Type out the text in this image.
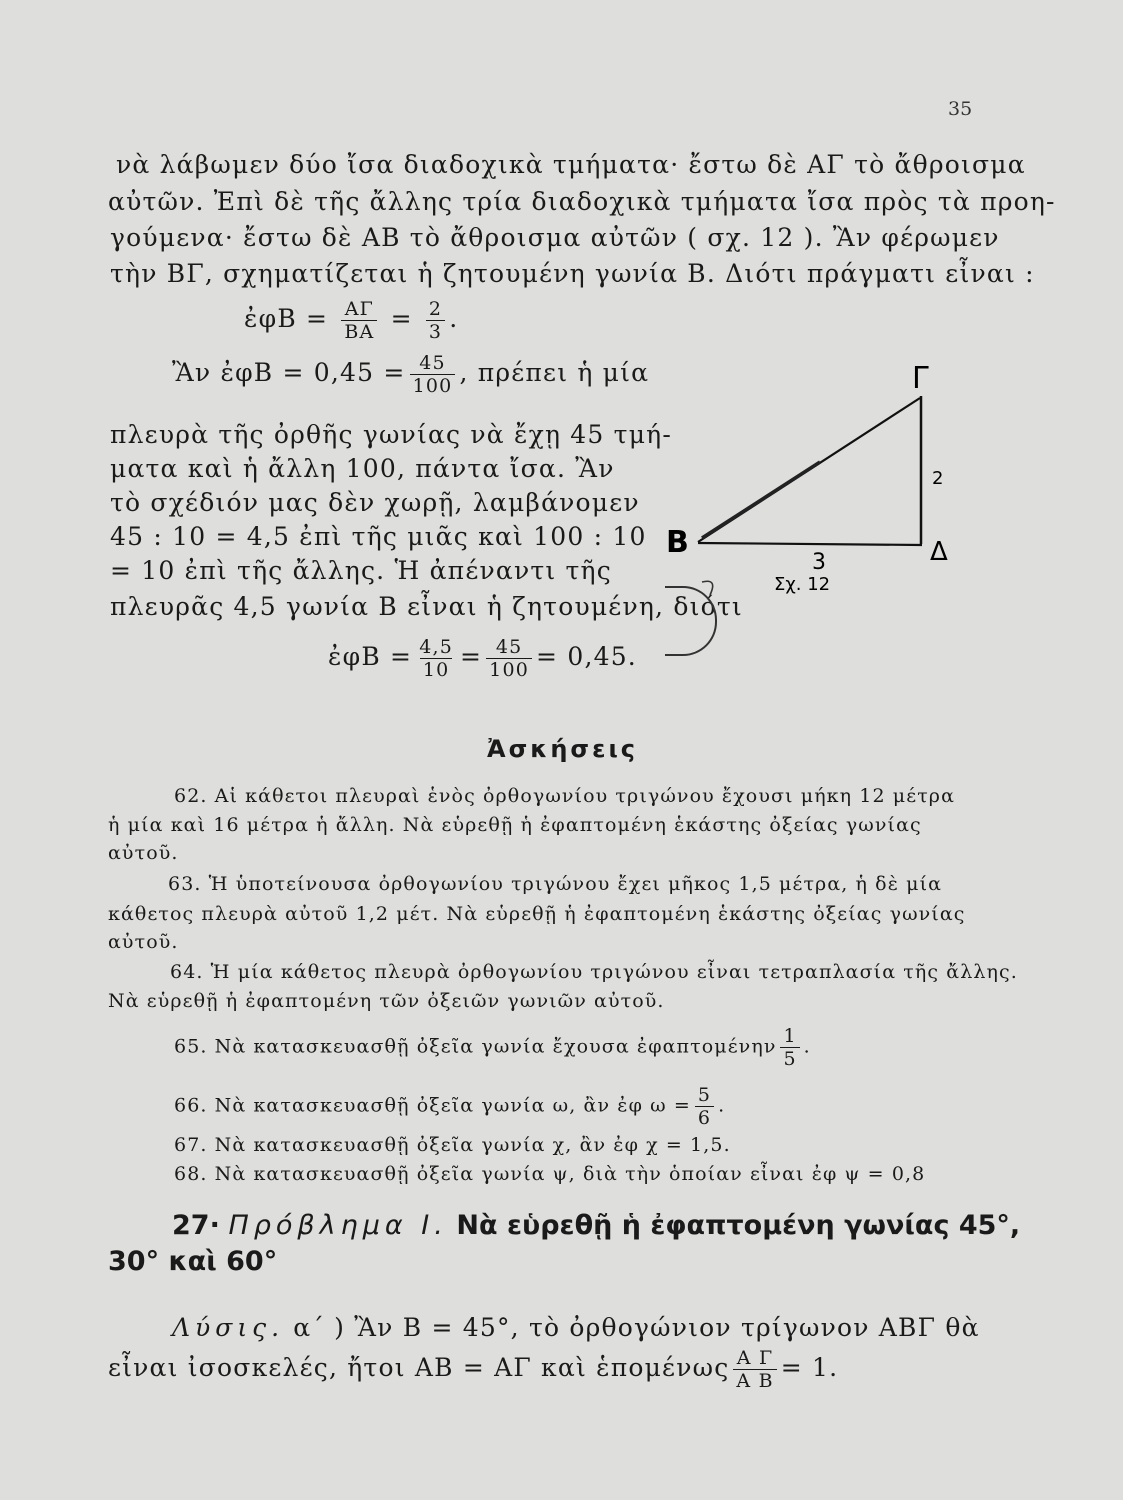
35
νὰ λάβωμεν δύο ἴσα διαδοχικὰ τμήματα· ἔστω δὲ ΑΓ τὸ ἄθροισμα
αὐτῶν. Ἐπὶ δὲ τῆς ἄλλης τρία διαδοχικὰ τμήματα ἴσα πρὸς τὰ προη-
γούμενα· ἔστω δὲ ΑΒ τὸ ἄθροισμα αὐτῶν ( σχ. 12 ). Ἂν φέρωμεν
τὴν ΒΓ, σχηματίζεται ἡ ζητουμένη γωνία Β. Διότι πράγματι εἶναι :
ἐφΒ = $\frac{A\Gamma}{BA} = \frac{2}{3}$ .
Ἂν ἐφΒ = $0,45 = \frac{45}{100}$ , πρέπει ἡ μία
πλευρὰ τῆς ὀρθῆς γωνίας νὰ ἔχῃ 45 τμή-
ματα καὶ ἡ ἄλλη 100, πάντα ἴσα. Ἂν
τὸ σχέδιόν μας δὲν χωρῇ, λαμβάνομεν
45 : 10 = 4,5 ἐπὶ τῆς μιᾶς καὶ 100 : 10
= 10 ἐπὶ τῆς ἄλλης. Ἡ ἀπέναντι τῆς
πλευρᾶς 4,5 γωνία Β εἶναι ἡ ζητουμένη, διότι
ἐφΒ = $\frac{4,5}{10} = \frac{45}{100} = 0,45$.
Γ
Β	Δ
2
3
Σχ. 12
Ἀσκήσεις
62. Αἱ κάθετοι πλευραὶ ἑνὸς ὀρθογωνίου τριγώνου ἔχουσι μήκη 12 μέτρα
ἡ μία καὶ 16 μέτρα ἡ ἄλλη. Νὰ εὑρεθῇ ἡ ἐφαπτομένη ἑκάστης ὀξείας γωνίας
αὐτοῦ.
63. Ἡ ὑποτείνουσα ὀρθογωνίου τριγώνου ἔχει μῆκος 1,5 μέτρα, ἡ δὲ μία
κάθετος πλευρὰ αὐτοῦ 1,2 μέτ. Νὰ εὑρεθῇ ἡ ἐφαπτομένη ἑκάστης ὀξείας γωνίας
αὐτοῦ.
64. Ἡ μία κάθετος πλευρὰ ὀρθογωνίου τριγώνου εἶναι τετραπλασία τῆς ἄλλης.
Νὰ εὑρεθῇ ἡ ἐφαπτομένη τῶν ὀξειῶν γωνιῶν αὐτοῦ.
65. Νὰ κατασκευασθῇ ὀξεῖα γωνία ἔχουσα ἐφαπτομένην $\frac{1}{5}$ .
66. Νὰ κατασκευασθῇ ὀξεῖα γωνία ω, ἂν ἐφ $\omega = \frac{5}{6}$ .
67. Νὰ κατασκευασθῇ ὀξεῖα γωνία χ, ἂν ἐφ χ = 1,5.
68. Νὰ κατασκευασθῇ ὀξεῖα γωνία ψ, διὰ τὴν ὁποίαν εἶναι ἐφ ψ = 0,8
27· Πρόβλημα Ι. Νὰ εὑρεθῇ ἡ ἐφαπτομένη γωνίας 45°,
30° καὶ 60°
Λύσις. α΄ ) Ἂν Β = 45°, τὸ ὀρθογώνιον τρίγωνον ΑΒΓ θὰ
εἶναι ἰσοσκελές, ἤτοι ΑΒ = ΑΓ καὶ ἑπομένως $\frac{\text{Α Γ}}{\text{Α Β}} = 1$.
